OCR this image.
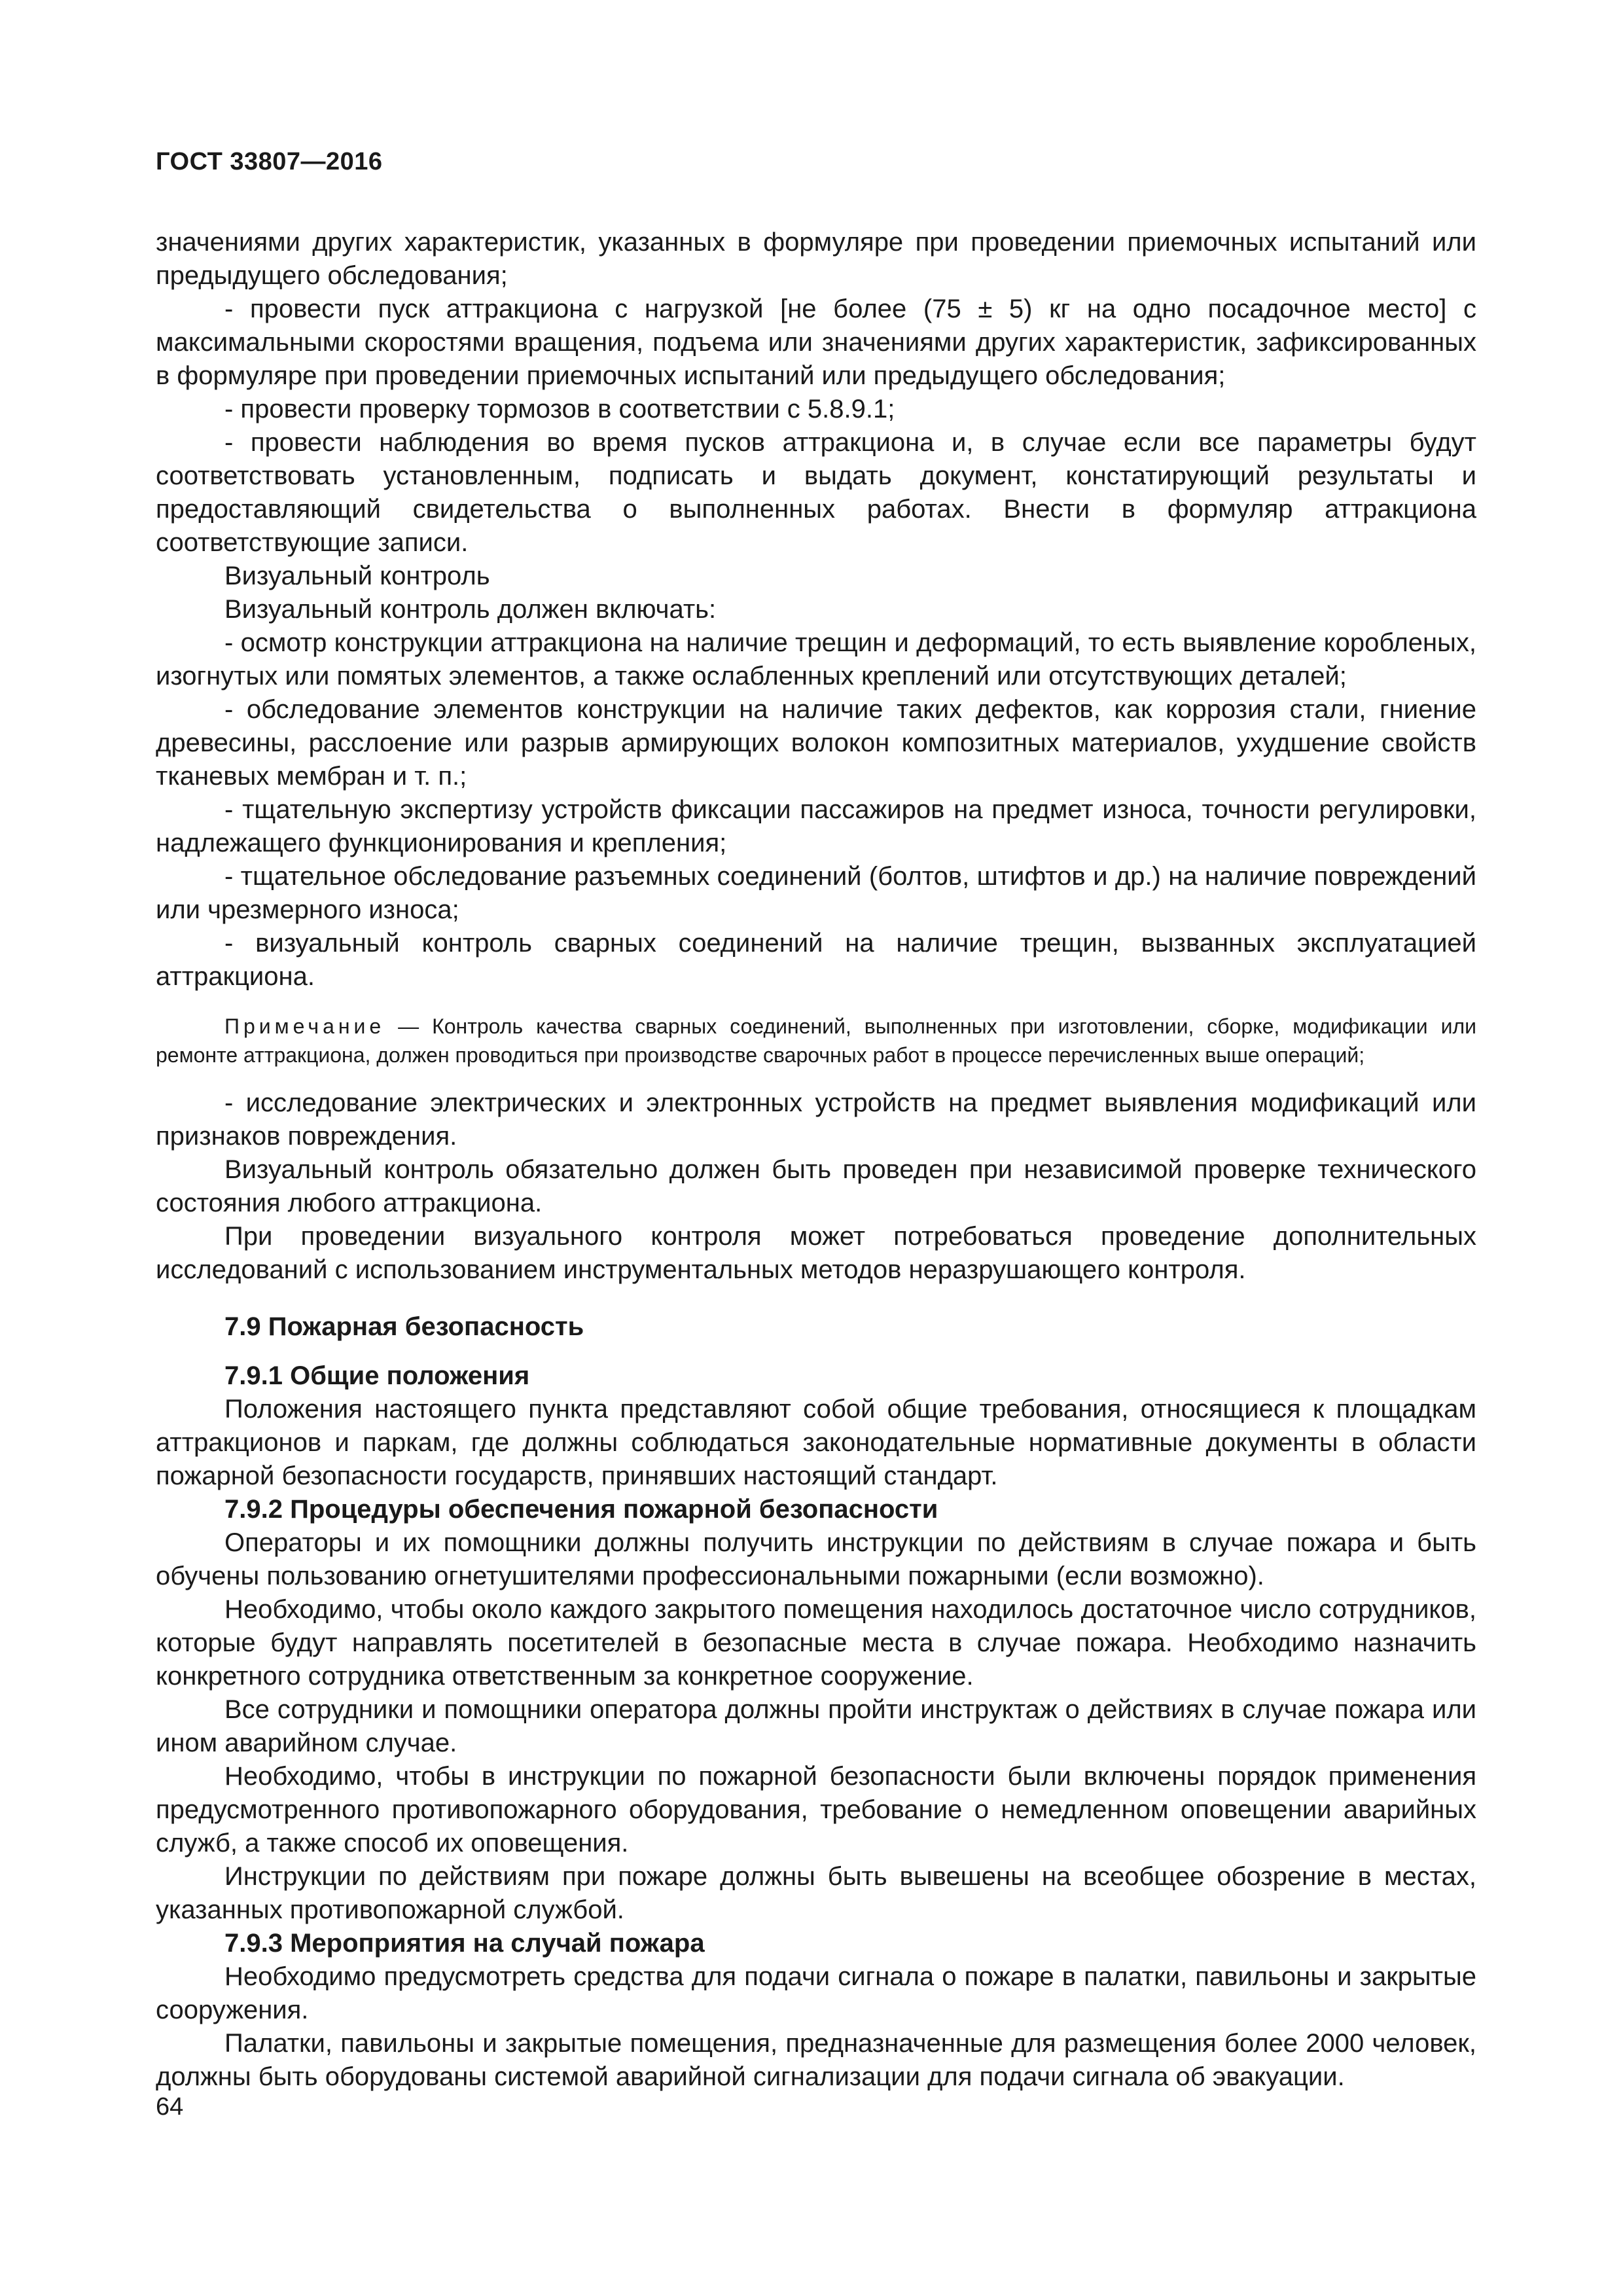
ГОСТ 33807—2016

значениями других характеристик, указанных в формуляре при проведении приемочных испытаний или предыдущего обследования;

- провести пуск аттракциона с нагрузкой [не более (75 ± 5) кг на одно посадочное место] с максимальными скоростями вращения, подъема или значениями других характеристик, зафиксированных в формуляре при проведении приемочных испытаний или предыдущего обследования;

- провести проверку тормозов в соответствии с 5.8.9.1;

- провести наблюдения во время пусков аттракциона и, в случае если все параметры будут соответствовать установленным, подписать и выдать документ, констатирующий результаты и предоставляющий свидетельства о выполненных работах. Внести в формуляр аттракциона соответствующие записи.

Визуальный контроль

Визуальный контроль должен включать:

- осмотр конструкции аттракциона на наличие трещин и деформаций, то есть выявление коробленых, изогнутых или помятых элементов, а также ослабленных креплений или отсутствующих деталей;

- обследование элементов конструкции на наличие таких дефектов, как коррозия стали, гниение древесины, расслоение или разрыв армирующих волокон композитных материалов, ухудшение свойств тканевых мембран и т. п.;

- тщательную экспертизу устройств фиксации пассажиров на предмет износа, точности регулировки, надлежащего функционирования и крепления;

- тщательное обследование разъемных соединений (болтов, штифтов и др.) на наличие повреждений или чрезмерного износа;

- визуальный контроль сварных соединений на наличие трещин, вызванных эксплуатацией аттракциона.

Примечание — Контроль качества сварных соединений, выполненных при изготовлении, сборке, модификации или ремонте аттракциона, должен проводиться при производстве сварочных работ в процессе перечисленных выше операций;

- исследование электрических и электронных устройств на предмет выявления модификаций или признаков повреждения.

Визуальный контроль обязательно должен быть проведен при независимой проверке технического состояния любого аттракциона.

При проведении визуального контроля может потребоваться проведение дополнительных исследований с использованием инструментальных методов неразрушающего контроля.

7.9 Пожарная безопасность

7.9.1 Общие положения

Положения настоящего пункта представляют собой общие требования, относящиеся к площадкам аттракционов и паркам, где должны соблюдаться законодательные нормативные документы в области пожарной безопасности государств, принявших настоящий стандарт.

7.9.2 Процедуры обеспечения пожарной безопасности

Операторы и их помощники должны получить инструкции по действиям в случае пожара и быть обучены пользованию огнетушителями профессиональными пожарными (если возможно).

Необходимо, чтобы около каждого закрытого помещения находилось достаточное число сотрудников, которые будут направлять посетителей в безопасные места в случае пожара. Необходимо назначить конкретного сотрудника ответственным за конкретное сооружение.

Все сотрудники и помощники оператора должны пройти инструктаж о действиях в случае пожара или ином аварийном случае.

Необходимо, чтобы в инструкции по пожарной безопасности были включены порядок применения предусмотренного противопожарного оборудования, требование о немедленном оповещении аварийных служб, а также способ их оповещения.

Инструкции по действиям при пожаре должны быть вывешены на всеобщее обозрение в местах, указанных противопожарной службой.

7.9.3 Мероприятия на случай пожара

Необходимо предусмотреть средства для подачи сигнала о пожаре в палатки, павильоны и закрытые сооружения.

Палатки, павильоны и закрытые помещения, предназначенные для размещения более 2000 человек, должны быть оборудованы системой аварийной сигнализации для подачи сигнала об эвакуации.

64
